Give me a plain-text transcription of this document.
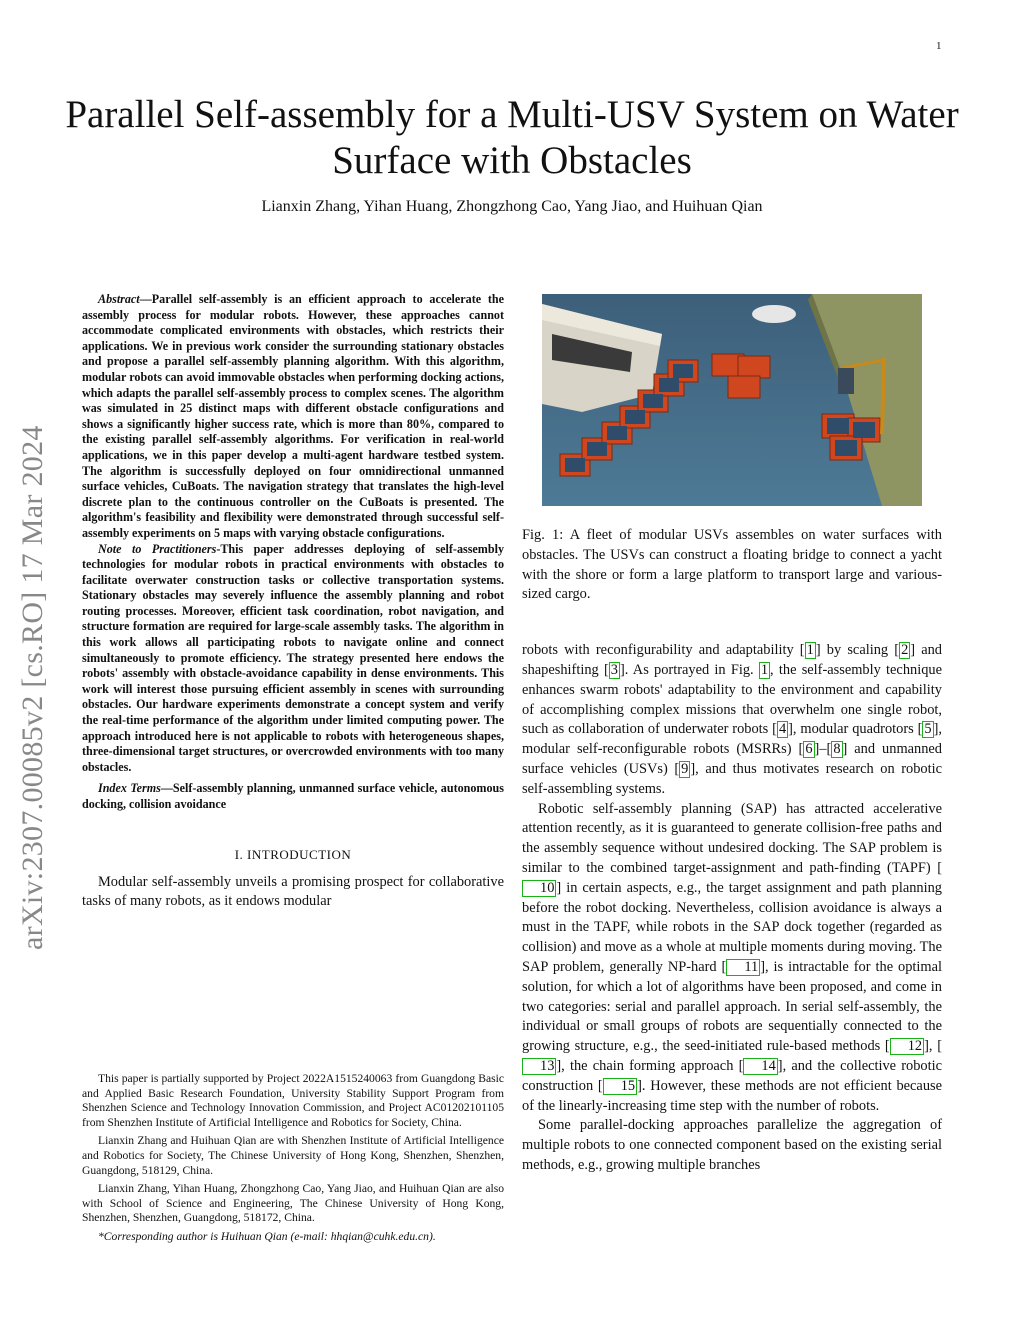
1
arXiv:2307.00085v2 [cs.RO] 17 Mar 2024
Parallel Self-assembly for a Multi-USV System on Water Surface with Obstacles
Lianxin Zhang, Yihan Huang, Zhongzhong Cao, Yang Jiao, and Huihuan Qian

Abstract—Parallel self-assembly is an efficient approach to accelerate the assembly process for modular robots. However, these approaches cannot accommodate complicated environments with obstacles, which restricts their applications. We in previous work consider the surrounding stationary obstacles and propose a parallel self-assembly planning algorithm. With this algorithm, modular robots can avoid immovable obstacles when performing docking actions, which adapts the parallel self-assembly process to complex scenes. The algorithm was simulated in 25 distinct maps with different obstacle configurations and shows a significantly higher success rate, which is more than 80%, compared to the existing parallel self-assembly algorithms. For verification in real-world applications, we in this paper develop a multi-agent hardware testbed system. The algorithm is successfully deployed on four omnidirectional unmanned surface vehicles, CuBoats. The navigation strategy that translates the high-level discrete plan to the continuous controller on the CuBoats is presented. The algorithm's feasibility and flexibility were demonstrated through successful self-assembly experiments on 5 maps with varying obstacle configurations.

Note to Practitioners-This paper addresses deploying of self-assembly technologies for modular robots in practical environments with obstacles to facilitate overwater construction tasks or collective transportation systems. Stationary obstacles may severely influence the assembly planning and robot routing processes. Moreover, efficient task coordination, robot navigation, and structure formation are required for large-scale assembly tasks. The algorithm in this work allows all participating robots to navigate online and connect simultaneously to promote efficiency. The strategy presented here endows the robots' assembly with obstacle-avoidance capability in dense environments. This work will interest those pursuing efficient assembly in scenes with surrounding obstacles. Our hardware experiments demonstrate a concept system and verify the real-time performance of the algorithm under limited computing power. The approach introduced here is not applicable to robots with heterogeneous shapes, three-dimensional target structures, or overcrowded environments with too many obstacles.

Index Terms—Self-assembly planning, unmanned surface vehicle, autonomous docking, collision avoidance

I. INTRODUCTION

Modular self-assembly unveils a promising prospect for collaborative tasks of many robots, as it endows modular

This paper is partially supported by Project 2022A1515240063 from Guangdong Basic and Applied Basic Research Foundation, University Stability Support Program from Shenzhen Science and Technology Innovation Commission, and Project AC01202101105 from Shenzhen Institute of Artificial Intelligence and Robotics for Society, China.

Lianxin Zhang and Huihuan Qian are with Shenzhen Institute of Artificial Intelligence and Robotics for Society, The Chinese University of Hong Kong, Shenzhen, Shenzhen, Guangdong, 518129, China.

Lianxin Zhang, Yihan Huang, Zhongzhong Cao, Yang Jiao, and Huihuan Qian are also with School of Science and Engineering, The Chinese University of Hong Kong, Shenzhen, Shenzhen, Guangdong, 518172, China.

*Corresponding author is Huihuan Qian (e-mail: hhqian@cuhk.edu.cn).

Fig. 1: A fleet of modular USVs assembles on water surfaces with obstacles. The USVs can construct a floating bridge to connect a yacht with the shore or form a large platform to transport large and various-sized cargo.

robots with reconfigurability and adaptability [ 1 ] by scaling [ 2 ] and shapeshifting [ 3 ]. As portrayed in Fig. 1 , the self-assembly technique enhances swarm robots' adaptability to the environment and capability of accomplishing complex missions that overwhelm one single robot, such as collaboration of underwater robots [ 4 ], modular quadrotors [ 5 ], modular self-reconfigurable robots (MSRRs) [ 6 ]–[ 8 ] and unmanned surface vehicles (USVs) [ 9 ], and thus motivates research on robotic self-assembling systems.

Robotic self-assembly planning (SAP) has attracted accelerative attention recently, as it is guaranteed to generate collision-free paths and the assembly sequence without undesired docking. The SAP problem is similar to the combined target-assignment and path-finding (TAPF) [10 ] in certain aspects, e.g., the target assignment and path planning before the robot docking. Nevertheless, collision avoidance is always a must in the TAPF, while robots in the SAP dock together (regarded as collision) and move as a whole at multiple moments during moving. The SAP problem, generally NP-hard [ 11 ], is intractable for the optimal solution, for which a lot of algorithms have been proposed, and come in two categories: serial and parallel approach. In serial self-assembly, the individual or small groups of robots are sequentially connected to the growing structure, e.g., the seed-initiated rule-based methods [ 12 ], [13 ], the chain forming approach [ 14 ], and the collective robotic construction [ 15 ]. However, these methods are not efficient because of the linearly-increasing time step with the number of robots.

Some parallel-docking approaches parallelize the aggregation of multiple robots to one connected component based on the existing serial methods, e.g., growing multiple branches
